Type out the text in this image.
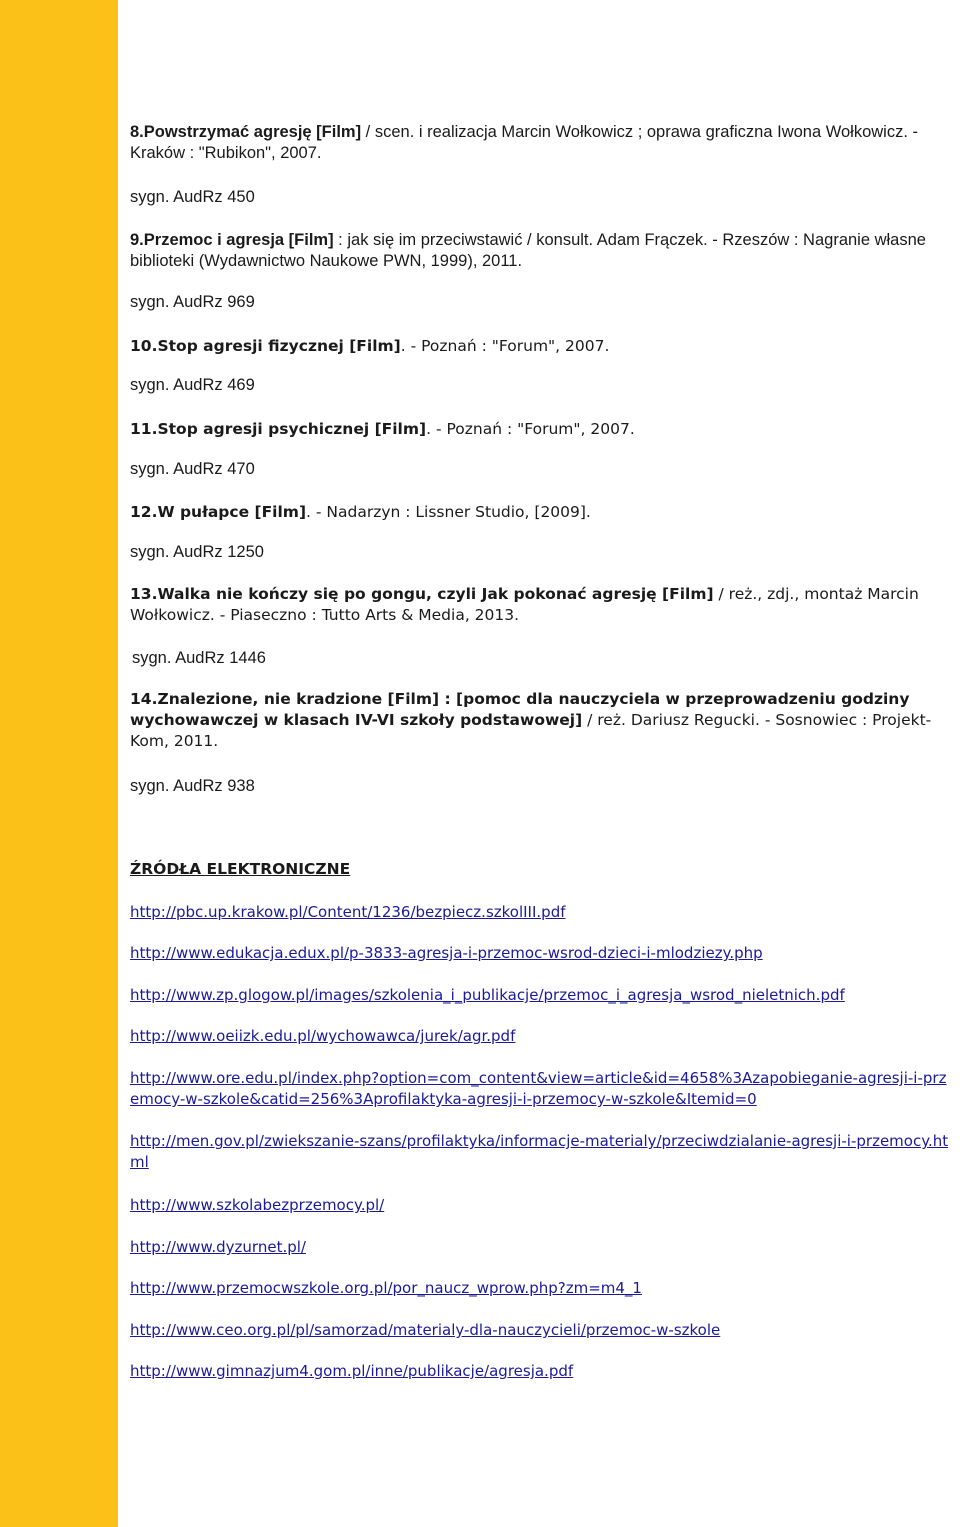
8.Powstrzymać agresję [Film] / scen. i realizacja Marcin Wołkowicz ; oprawa graficzna Iwona Wołkowicz. - Kraków : "Rubikon", 2007.
sygn. AudRz 450
9.Przemoc i agresja [Film] : jak się im przeciwstawić / konsult. Adam Frączek. - Rzeszów : Nagranie własne biblioteki (Wydawnictwo Naukowe PWN, 1999), 2011.
sygn. AudRz 969
10.Stop agresji fizycznej [Film]. - Poznań : "Forum", 2007.
sygn. AudRz 469
11.Stop agresji psychicznej [Film]. - Poznań : "Forum", 2007.
sygn. AudRz 470
12.W pułapce [Film]. - Nadarzyn : Lissner Studio, [2009].
sygn. AudRz 1250
13.Walka nie kończy się po gongu, czyli Jak pokonać agresję [Film] / reż., zdj., montaż Marcin Wołkowicz. - Piaseczno : Tutto Arts & Media, 2013.
sygn. AudRz 1446
14.Znalezione, nie kradzione [Film] : [pomoc dla nauczyciela w przeprowadzeniu godziny wychowawczej w klasach IV-VI szkoły podstawowej] / reż. Dariusz Regucki. - Sosnowiec : Projekt-Kom, 2011.
sygn. AudRz 938
ŹRÓDŁA ELEKTRONICZNE
http://pbc.up.krakow.pl/Content/1236/bezpiecz.szkolIII.pdf
http://www.edukacja.edux.pl/p-3833-agresja-i-przemoc-wsrod-dzieci-i-mlodziezy.php
http://www.zp.glogow.pl/images/szkolenia_i_publikacje/przemoc_i_agresja_wsrod_nieletnich.pdf
http://www.oeiizk.edu.pl/wychowawca/jurek/agr.pdf
http://www.ore.edu.pl/index.php?option=com_content&view=article&id=4658%3Azapobieganie-agresji-i-przemocy-w-szkole&catid=256%3Aprofilaktyka-agresji-i-przemocy-w-szkole&Itemid=0
http://men.gov.pl/zwiekszanie-szans/profilaktyka/informacje-materialy/przeciwdzialanie-agresji-i-przemocy.html
http://www.szkolabezprzemocy.pl/
http://www.dyzurnet.pl/
http://www.przemocwszkole.org.pl/por_naucz_wprow.php?zm=m4_1
http://www.ceo.org.pl/pl/samorzad/materialy-dla-nauczycieli/przemoc-w-szkole
http://www.gimnazjum4.gom.pl/inne/publikacje/agresja.pdf
